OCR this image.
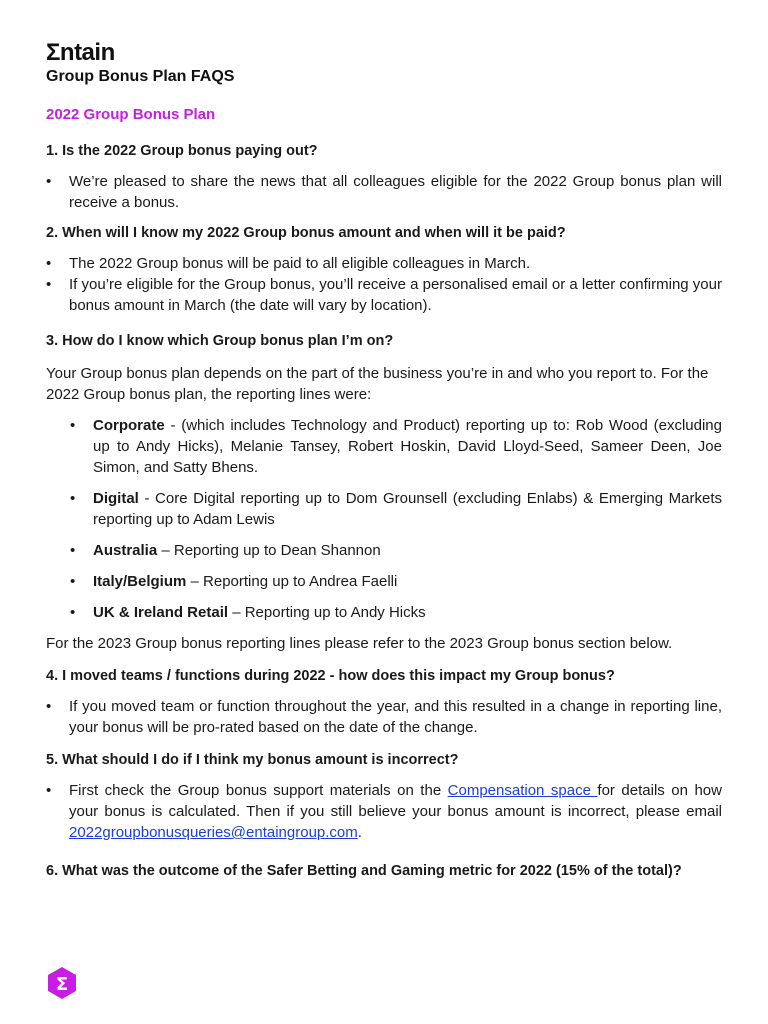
Σntain
Group Bonus Plan FAQS
2022 Group Bonus Plan
1. Is the 2022 Group bonus paying out?
• We’re pleased to share the news that all colleagues eligible for the 2022 Group bonus plan will receive a bonus.
2. When will I know my 2022 Group bonus amount and when will it be paid?
• The 2022 Group bonus will be paid to all eligible colleagues in March.
• If you’re eligible for the Group bonus, you’ll receive a personalised email or a letter confirming your bonus amount in March (the date will vary by location).
3. How do I know which Group bonus plan I’m on?
Your Group bonus plan depends on the part of the business you’re in and who you report to. For the 2022 Group bonus plan, the reporting lines were:
• Corporate - (which includes Technology and Product) reporting up to: Rob Wood (excluding up to Andy Hicks), Melanie Tansey, Robert Hoskin, David Lloyd-Seed, Sameer Deen, Joe Simon, and Satty Bhens.
• Digital - Core Digital reporting up to Dom Grounsell (excluding Enlabs) & Emerging Markets reporting up to Adam Lewis
• Australia – Reporting up to Dean Shannon
• Italy/Belgium – Reporting up to Andrea Faelli
• UK & Ireland Retail – Reporting up to Andy Hicks
For the 2023 Group bonus reporting lines please refer to the 2023 Group bonus section below.
4. I moved teams / functions during 2022 - how does this impact my Group bonus?
• If you moved team or function throughout the year, and this resulted in a change in reporting line, your bonus will be pro-rated based on the date of the change.
5. What should I do if I think my bonus amount is incorrect?
• First check the Group bonus support materials on the Compensation space for details on how your bonus is calculated. Then if you still believe your bonus amount is incorrect, please email 2022groupbonusqueries@entaingroup.com.
6. What was the outcome of the Safer Betting and Gaming metric for 2022 (15% of the total)?
Σ
